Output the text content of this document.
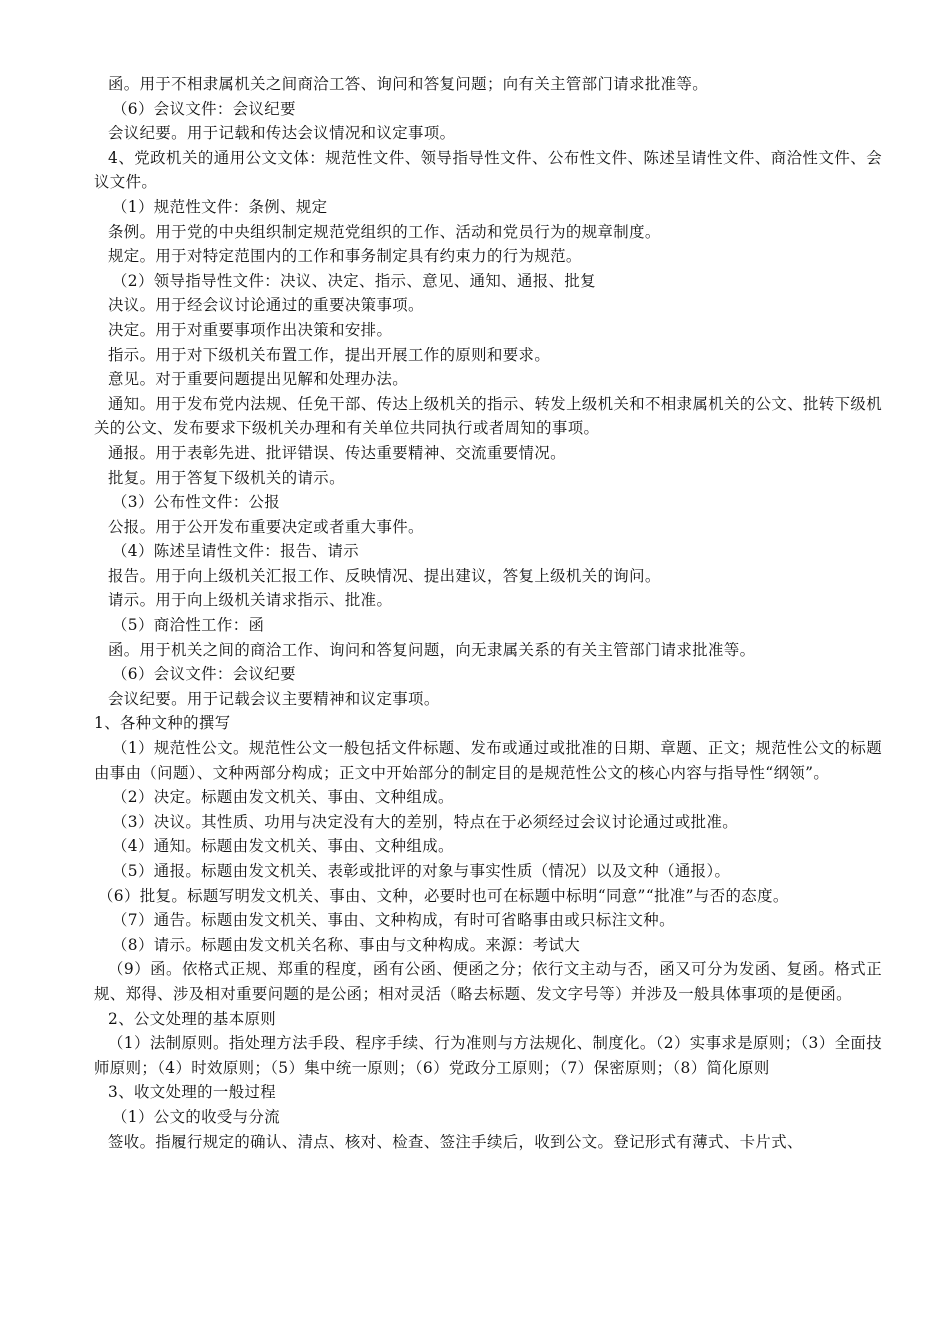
函。用于不相隶属机关之间商洽工答、询问和答复问题；向有关主管部门请求批准等。

（6）会议文件：会议纪要

会议纪要。用于记载和传达会议情况和议定事项。

4、党政机关的通用公文文体：规范性文件、领导指导性文件、公布性文件、陈述呈请性文件、商洽性文件、会议文件。

（1）规范性文件：条例、规定

条例。用于党的中央组织制定规范党组织的工作、活动和党员行为的规章制度。

规定。用于对特定范围内的工作和事务制定具有约束力的行为规范。

（2）领导指导性文件：决议、决定、指示、意见、通知、通报、批复

决议。用于经会议讨论通过的重要决策事项。

决定。用于对重要事项作出决策和安排。

指示。用于对下级机关布置工作，提出开展工作的原则和要求。

意见。对于重要问题提出见解和处理办法。

通知。用于发布党内法规、任免干部、传达上级机关的指示、转发上级机关和不相隶属机关的公文、批转下级机关的公文、发布要求下级机关办理和有关单位共同执行或者周知的事项。

通报。用于表彰先进、批评错误、传达重要精神、交流重要情况。

批复。用于答复下级机关的请示。

（3）公布性文件：公报

公报。用于公开发布重要决定或者重大事件。

（4）陈述呈请性文件：报告、请示

报告。用于向上级机关汇报工作、反映情况、提出建议，答复上级机关的询问。

请示。用于向上级机关请求指示、批准。

（5）商洽性工作：函

函。用于机关之间的商洽工作、询问和答复问题，向无隶属关系的有关主管部门请求批准等。

（6）会议文件：会议纪要

会议纪要。用于记载会议主要精神和议定事项。

1、各种文种的撰写

（1）规范性公文。规范性公文一般包括文件标题、发布或通过或批准的日期、章题、正文；规范性公文的标题由事由（问题）、文种两部分构成；正文中开始部分的制定目的是规范性公文的核心内容与指导性“纲领”。

（2）决定。标题由发文机关、事由、文种组成。

（3）决议。其性质、功用与决定没有大的差别，特点在于必须经过会议讨论通过或批准。

（4）通知。标题由发文机关、事由、文种组成。

（5）通报。标题由发文机关、表彰或批评的对象与事实性质（情况）以及文种（通报）。

（6）批复。标题写明发文机关、事由、文种，必要时也可在标题中标明“同意”“批准”与否的态度。

（7）通告。标题由发文机关、事由、文种构成，有时可省略事由或只标注文种。

（8）请示。标题由发文机关名称、事由与文种构成。来源：考试大

（9）函。依格式正规、郑重的程度，函有公函、便函之分；依行文主动与否，函又可分为发函、复函。格式正规、郑得、涉及相对重要问题的是公函；相对灵活（略去标题、发文字号等）并涉及一般具体事项的是便函。

2、公文处理的基本原则

（1）法制原则。指处理方法手段、程序手续、行为准则与方法规化、制度化。（2）实事求是原则；（3）全面技师原则；（4）时效原则；（5）集中统一原则；（6）党政分工原则；（7）保密原则；（8）简化原则

3、收文处理的一般过程

（1）公文的收受与分流

签收。指履行规定的确认、清点、核对、检查、签注手续后，收到公文。登记形式有薄式、卡片式、
